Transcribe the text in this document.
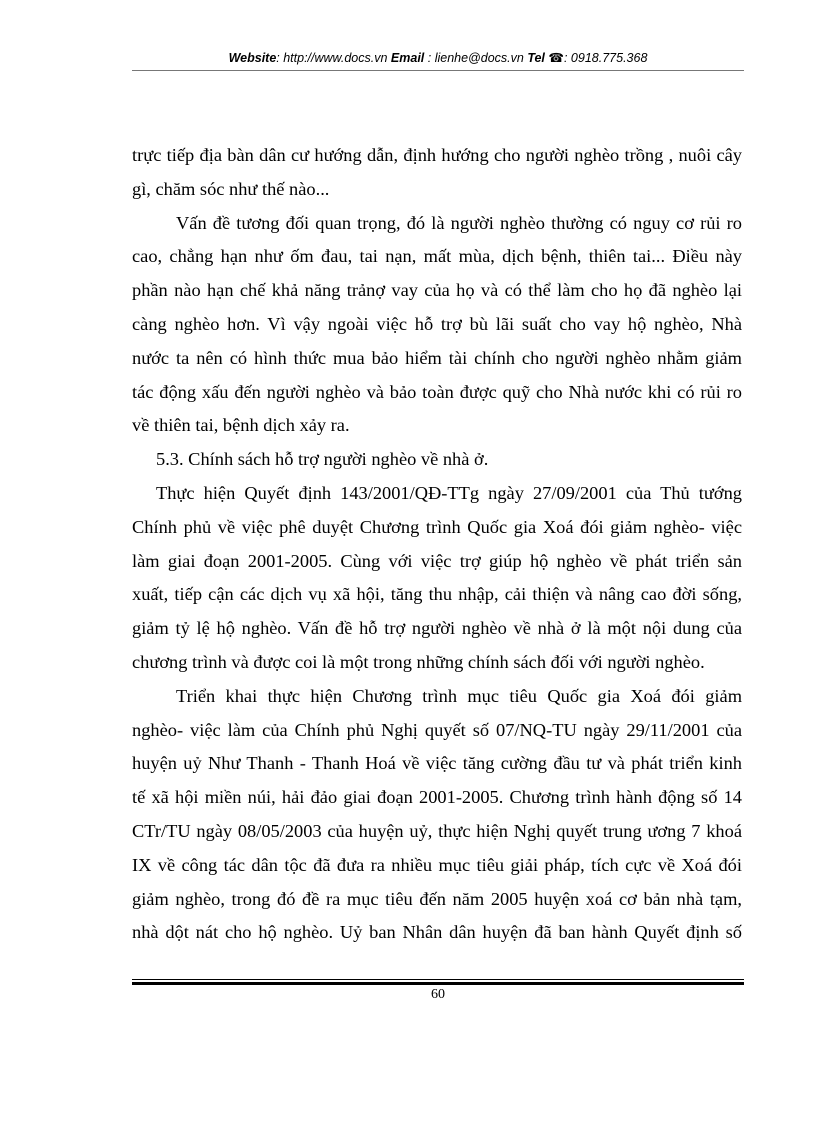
Website: http://www.docs.vn Email : lienhe@docs.vn Tel ☎: 0918.775.368
trực tiếp địa bàn dân cư hướng dẫn, định hướng cho người nghèo trồng , nuôi cây
gì, chăm sóc như thế nào...
Vấn đề tương đối quan trọng, đó là người nghèo thường có nguy cơ rủi ro
cao, chẳng hạn như ốm đau, tai nạn, mất mùa, dịch bệnh, thiên tai... Điều này
phần nào hạn chế khả năng trảnợ vay của họ và có thể làm cho họ đã nghèo lại
càng nghèo hơn. Vì vậy ngoài việc hỗ trợ bù lãi suất cho vay hộ nghèo, Nhà
nước ta nên có hình thức mua bảo hiểm tài chính cho người nghèo nhằm giảm
tác động xấu đến người nghèo và bảo toàn được quỹ cho Nhà nước khi có rủi ro
về thiên tai, bệnh dịch xảy ra.
5.3. Chính sách hỗ trợ người nghèo về nhà ở.
Thực hiện Quyết định 143/2001/QĐ-TTg ngày 27/09/2001 của Thủ tướng
Chính phủ về việc phê duyệt Chương trình Quốc gia Xoá đói giảm nghèo- việc
làm giai đoạn 2001-2005. Cùng với việc trợ giúp hộ nghèo về phát triển sản
xuất, tiếp cận các dịch vụ xã hội, tăng thu nhập, cải thiện và nâng cao đời sống,
giảm tỷ lệ hộ nghèo. Vấn đề hỗ trợ người nghèo về nhà ở là một nội dung của
chương trình và được coi là một trong những chính sách đối với người nghèo.
Triển khai thực hiện Chương trình mục tiêu Quốc gia Xoá đói giảm
nghèo- việc làm của Chính phủ Nghị quyết số 07/NQ-TU ngày 29/11/2001 của
huyện uỷ Như Thanh - Thanh Hoá về việc tăng cường đầu tư và phát triển kinh
tế xã hội miền núi, hải đảo giai đoạn 2001-2005. Chương trình hành động số 14
CTr/TU ngày 08/05/2003 của huyện uỷ, thực hiện Nghị quyết trung ương 7 khoá
IX về công tác dân tộc đã đưa ra nhiều mục tiêu giải pháp, tích cực về Xoá đói
giảm nghèo, trong đó đề ra mục tiêu đến năm 2005 huyện xoá cơ bản nhà tạm,
nhà dột nát cho hộ nghèo. Uỷ ban Nhân dân huyện đã ban hành Quyết định số
60
